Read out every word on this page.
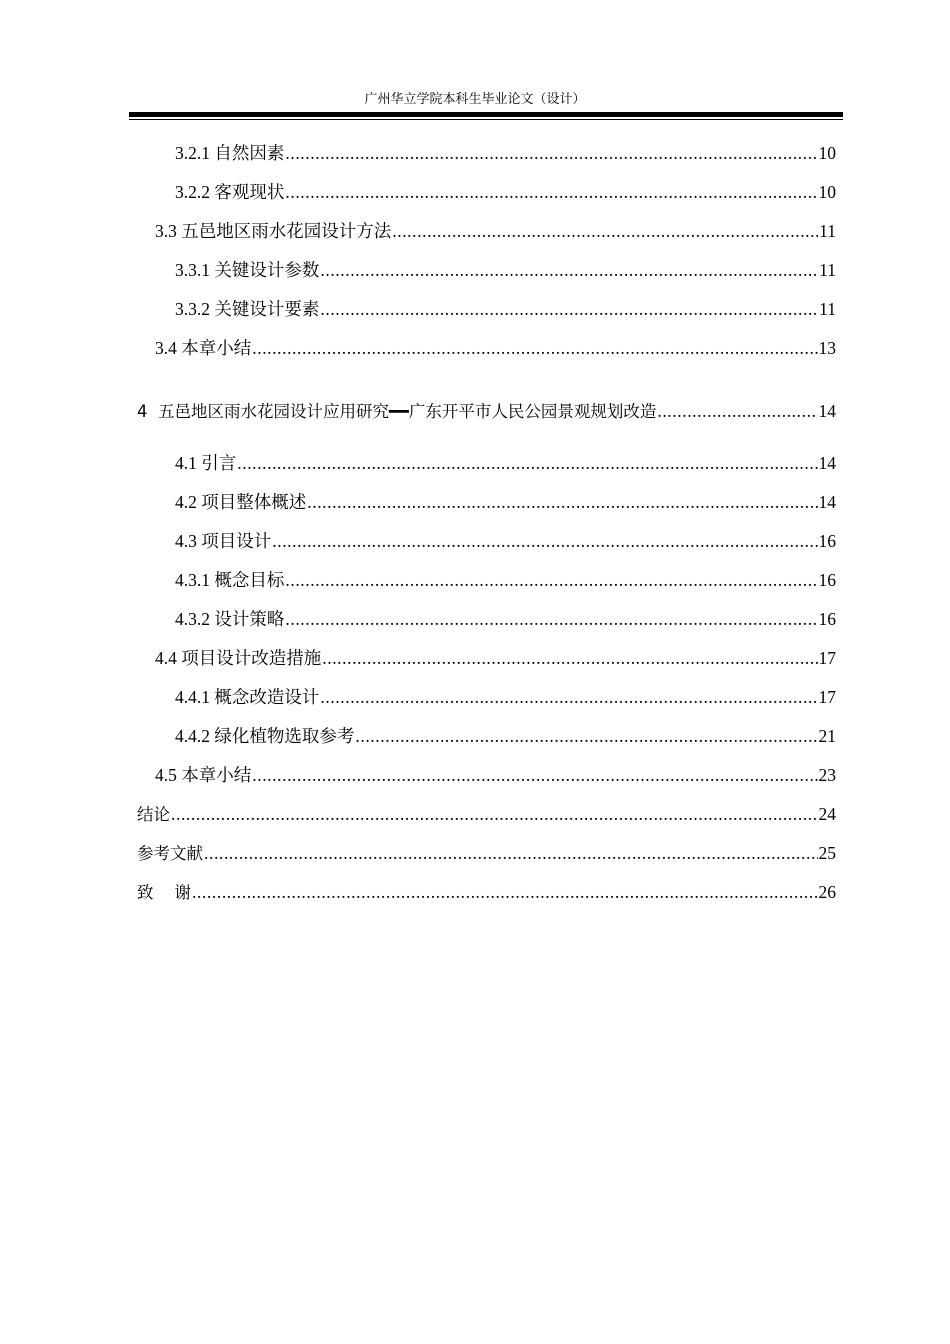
广州华立学院本科生毕业论文（设计）
3.2.1 自然因素 .....	10
3.2.2 客观现状 .....	10
3.3 五邑地区雨水花园设计方法 .....	11
3.3.1 关键设计参数 .....	11
3.3.2 关键设计要素 .....	11
3.4 本章小结 .....	13
4  五邑地区雨水花园设计应用研究━━广东开平市人民公园景观规划改造 .....	14
4.1 引言 .....	14
4.2 项目整体概述 .....	14
4.3 项目设计 .....	16
4.3.1 概念目标 .....	16
4.3.2 设计策略 .....	16
4.4 项目设计改造措施 .....	17
4.4.1 概念改造设计 .....	17
4.4.2 绿化植物选取参考 .....	21
4.5 本章小结 .....	23
结论 .....	24
参考文献 .....	25
致    谢 .....	26
